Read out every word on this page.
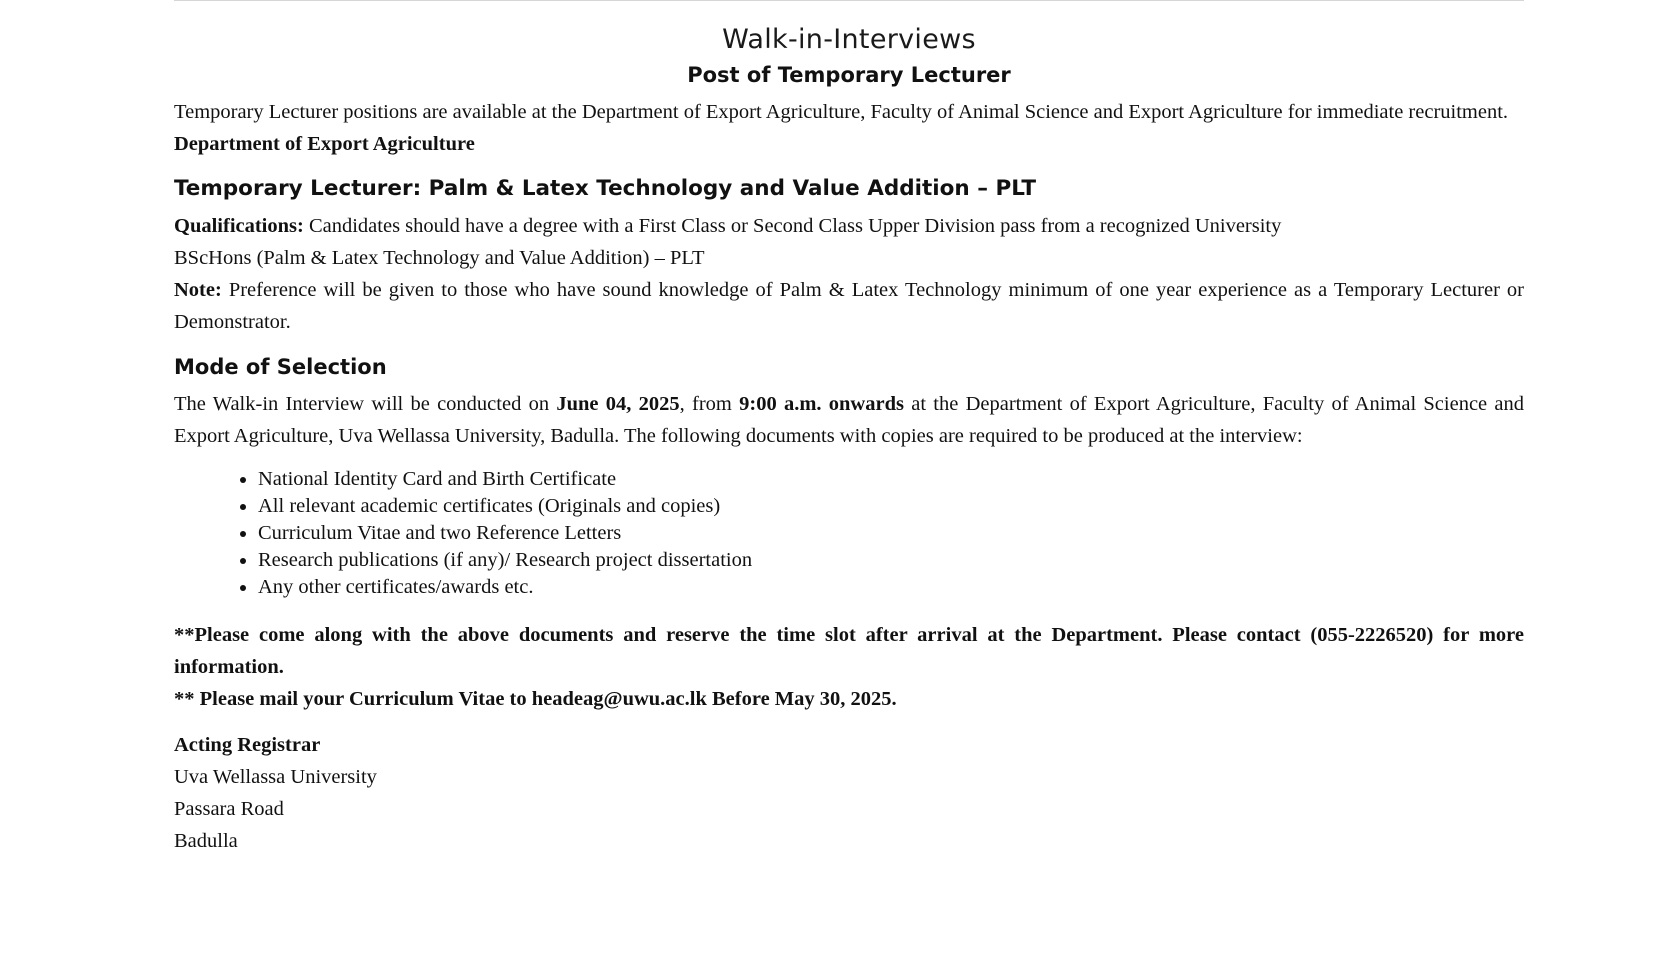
Walk-in-Interviews
Post of Temporary Lecturer

Temporary Lecturer positions are available at the Department of Export Agriculture, Faculty of Animal Science and Export Agriculture for immediate recruitment.

Department of Export Agriculture

Temporary Lecturer: Palm & Latex Technology and Value Addition – PLT

Qualifications: Candidates should have a degree with a First Class or Second Class Upper Division pass from a recognized University

BScHons (Palm & Latex Technology and Value Addition) – PLT

Note: Preference will be given to those who have sound knowledge of Palm & Latex Technology minimum of one year experience as a Temporary Lecturer or Demonstrator.

Mode of Selection

The Walk-in Interview will be conducted on June 04, 2025, from 9:00 a.m. onwards at the Department of Export Agriculture, Faculty of Animal Science and Export Agriculture, Uva Wellassa University, Badulla. The following documents with copies are required to be produced at the interview:

• National Identity Card and Birth Certificate
• All relevant academic certificates (Originals and copies)
• Curriculum Vitae and two Reference Letters
• Research publications (if any)/ Research project dissertation
• Any other certificates/awards etc.

**Please come along with the above documents and reserve the time slot after arrival at the Department. Please contact (055-2226520) for more information.

** Please mail your Curriculum Vitae to headeag@uwu.ac.lk Before May 30, 2025.

Acting Registrar
Uva Wellassa University
Passara Road
Badulla
